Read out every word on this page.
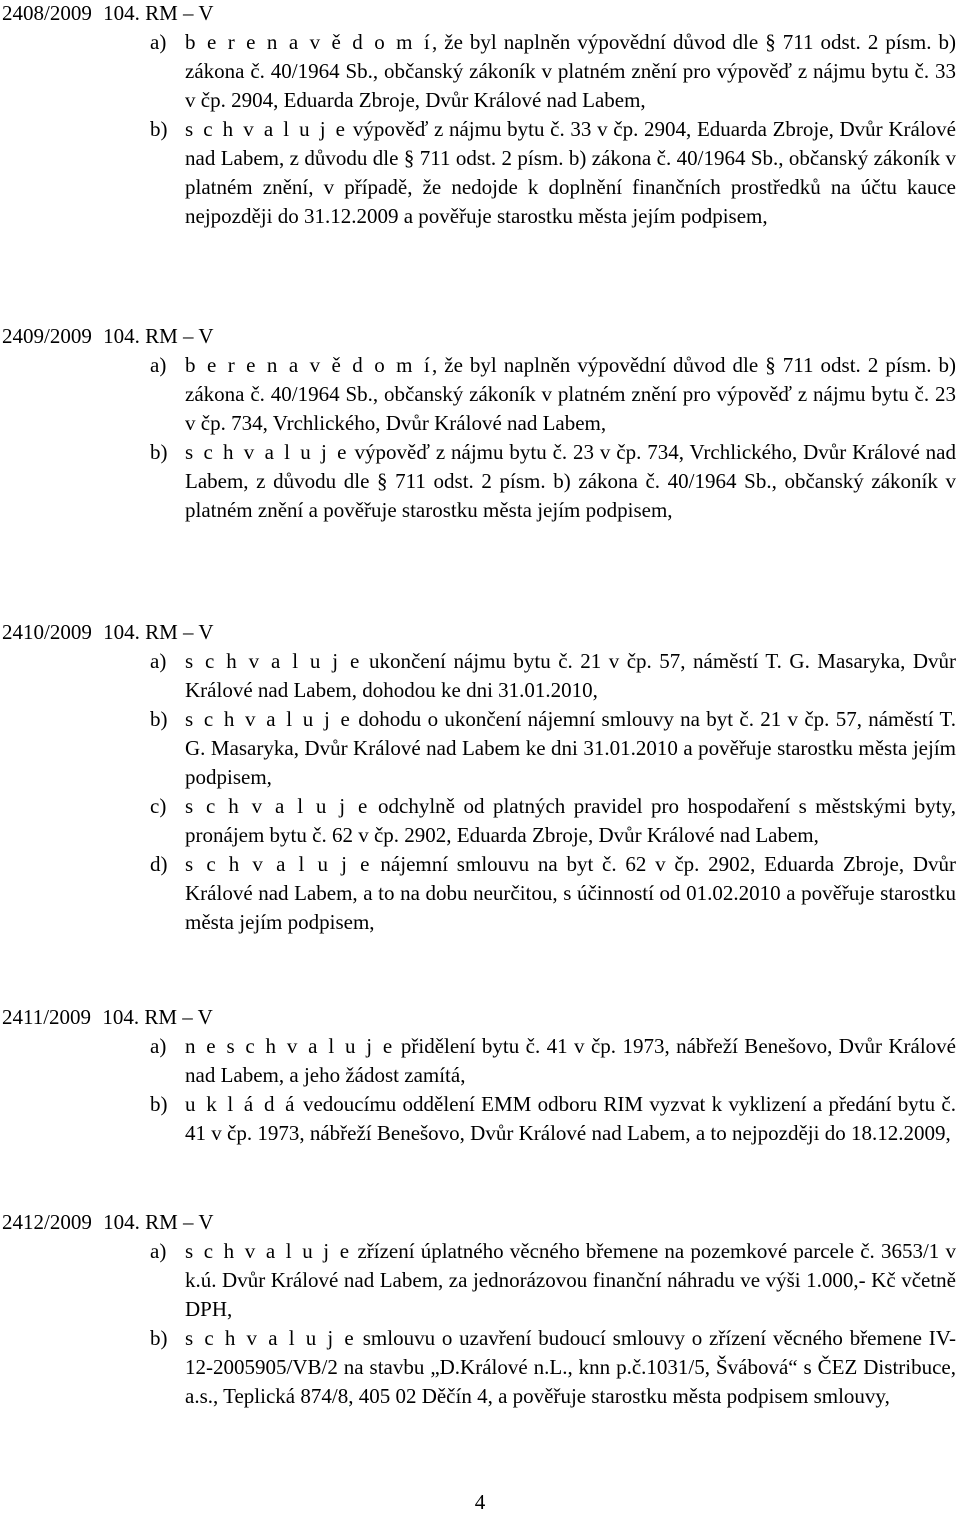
2408/2009 104. RM – V
a) b e r e n a v ě d o m í, že byl naplněn výpovědní důvod dle § 711 odst. 2 písm. b) zákona č. 40/1964 Sb., občanský zákoník v platném znění pro výpověď z nájmu bytu č. 33 v čp. 2904, Eduarda Zbroje, Dvůr Králové nad Labem,
b) s c h v a l u j e výpověď z nájmu bytu č. 33 v čp. 2904, Eduarda Zbroje, Dvůr Králové nad Labem, z důvodu dle § 711 odst. 2 písm. b) zákona č. 40/1964 Sb., občanský zákoník v platném znění, v případě, že nedojde k doplnění finančních prostředků na účtu kauce nejpozději do 31.12.2009 a pověřuje starostku města jejím podpisem,
2409/2009 104. RM – V
a) b e r e n a v ě d o m í, že byl naplněn výpovědní důvod dle § 711 odst. 2 písm. b) zákona č. 40/1964 Sb., občanský zákoník v platném znění pro výpověď z nájmu bytu č. 23 v čp. 734, Vrchlického, Dvůr Králové nad Labem,
b) s c h v a l u j e výpověď z nájmu bytu č. 23 v čp. 734, Vrchlického, Dvůr Králové nad Labem, z důvodu dle § 711 odst. 2 písm. b) zákona č. 40/1964 Sb., občanský zákoník v platném znění a pověřuje starostku města jejím podpisem,
2410/2009 104. RM – V
a) s c h v a l u j e ukončení nájmu bytu č. 21 v čp. 57, náměstí T. G. Masaryka, Dvůr Králové nad Labem, dohodou ke dni 31.01.2010,
b) s c h v a l u j e dohodu o ukončení nájemní smlouvy na byt č. 21 v čp. 57, náměstí T. G. Masaryka, Dvůr Králové nad Labem ke dni 31.01.2010 a pověřuje starostku města jejím podpisem,
c) s c h v a l u j e odchylně od platných pravidel pro hospodaření s městskými byty, pronájem bytu č. 62 v čp. 2902, Eduarda Zbroje, Dvůr Králové nad Labem,
d) s c h v a l u j e nájemní smlouvu na byt č. 62 v čp. 2902, Eduarda Zbroje, Dvůr Králové nad Labem, a to na dobu neurčitou, s účinností od 01.02.2010 a pověřuje starostku města jejím podpisem,
2411/2009 104. RM – V
a) n e s c h v a l u j e přidělení bytu č. 41 v čp. 1973, nábřeží Benešovo, Dvůr Králové nad Labem, a jeho žádost zamítá,
b) u k l á d á vedoucímu oddělení EMM odboru RIM vyzvat k vyklizení a předání bytu č. 41 v čp. 1973, nábřeží Benešovo, Dvůr Králové nad Labem, a to nejpozději do 18.12.2009,
2412/2009 104. RM – V
a) s c h v a l u j e zřízení úplatného věcného břemene na pozemkové parcele č. 3653/1 v k.ú. Dvůr Králové nad Labem, za jednorázovou finanční náhradu ve výši 1.000,- Kč včetně DPH,
b) s c h v a l u j e smlouvu o uzavření budoucí smlouvy o zřízení věcného břemene IV-12-2005905/VB/2 na stavbu „D.Králové n.L., knn p.č.1031/5, Švábová“ s ČEZ Distribuce, a.s., Teplická 874/8, 405 02 Děčín 4, a pověřuje starostku města podpisem smlouvy,
4
